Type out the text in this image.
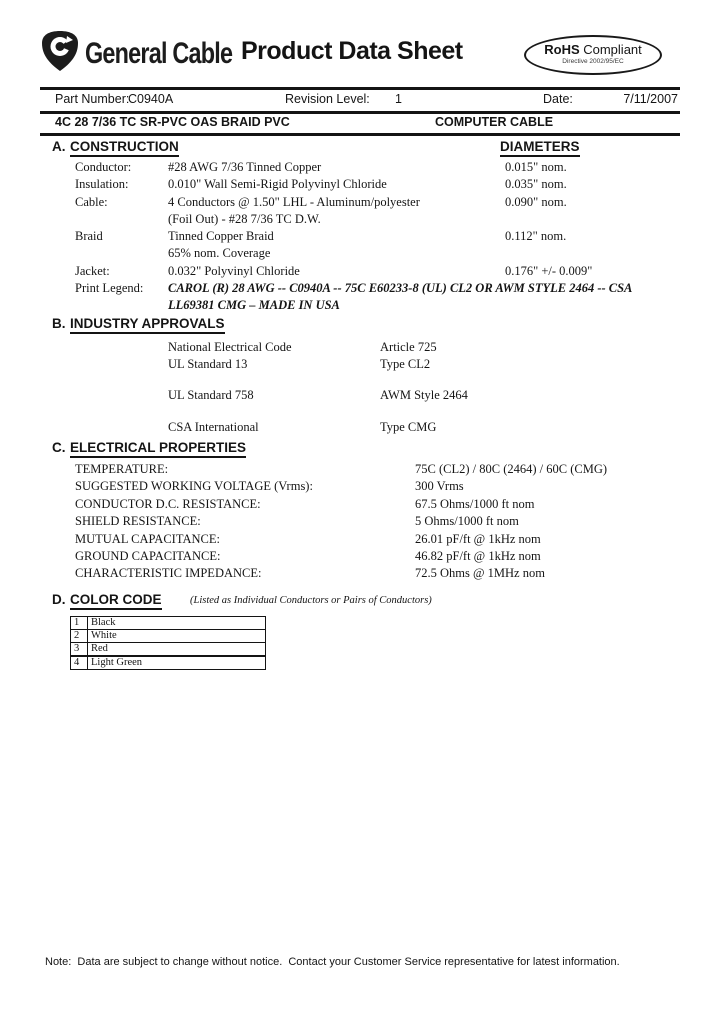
General Cable Product Data Sheet	RoHS Compliant
Directive 2002/95/EC
Part Number:
C0940A	Revision Level: 1	Date:	7/11/2007
4C 28 7/36 TC SR-PVC OAS BRAID PVC	COMPUTER CABLE
A. CONSTRUCTION	DIAMETERS
Conductor:	#28 AWG 7/36 Tinned Copper	0.015" nom.
Insulation:	0.010" Wall Semi-Rigid Polyvinyl Chloride	0.035" nom.
Cable:	4 Conductors @ 1.50" LHL - Aluminum/polyester	0.090" nom.
(Foil Out) - #28 7/36 TC D.W.
Braid	Tinned Copper Braid	0.112" nom.
65% nom. Coverage
Jacket:	0.032" Polyvinyl Chloride	0.176" +/- 0.009"
Print Legend:	CAROL (R) 28 AWG -- C0940A -- 75C E60233-8 (UL) CL2 OR AWM STYLE 2464 -- CSA LL69381 CMG – MADE IN USA
B. INDUSTRY APPROVALS
National Electrical Code	Article 725
UL Standard 13	Type CL2
UL Standard 758	AWM Style 2464
CSA International	Type CMG
C. ELECTRICAL PROPERTIES
TEMPERATURE:	75C (CL2) / 80C (2464) / 60C (CMG)
SUGGESTED WORKING VOLTAGE (Vrms):	300 Vrms
CONDUCTOR D.C. RESISTANCE:	67.5 Ohms/1000 ft nom
SHIELD RESISTANCE:	5 Ohms/1000 ft nom
MUTUAL CAPACITANCE:	26.01 pF/ft @ 1kHz nom
GROUND CAPACITANCE:	46.82 pF/ft @ 1kHz nom
CHARACTERISTIC IMPEDANCE:	72.5 Ohms @ 1MHz nom
D. COLOR CODE	(Listed as Individual Conductors or Pairs of Conductors)
1	Black
2	White
3	Red
4	Light Green
Note:  Data are subject to change without notice.  Contact your Customer Service representative for latest information.
